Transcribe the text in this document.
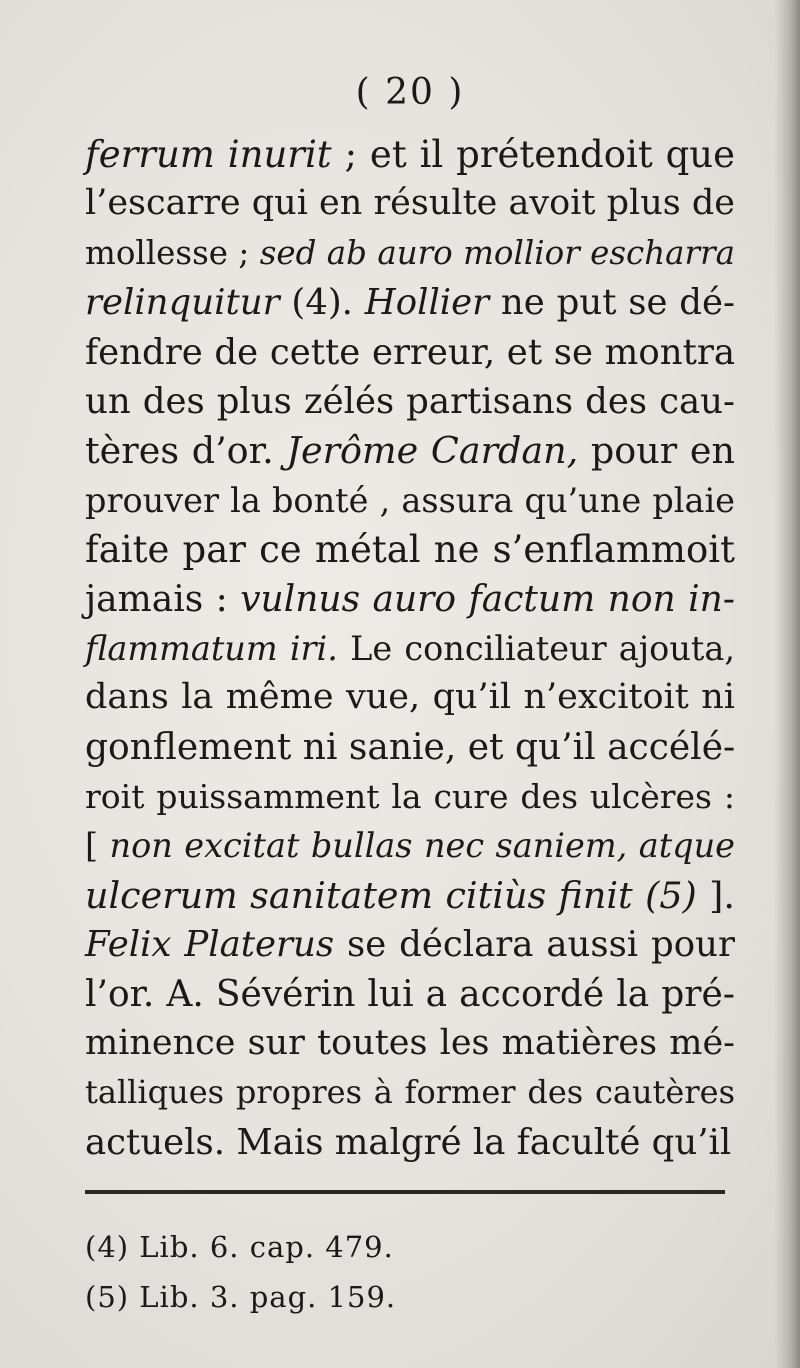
( 20 )
ferrum inurit ; et il prétendoit que
l’escarre qui en résulte avoit plus de
mollesse ; sed ab auro mollior escharra
relinquitur (4). Hollier ne put se dé-
fendre de cette erreur, et se montra
un des plus zélés partisans des cau-
tères d’or. Jerôme Cardan, pour en
prouver la bonté , assura qu’une plaie
faite par ce métal ne s’enflammoit
jamais : vulnus auro factum non in-
flammatum iri. Le conciliateur ajouta,
dans la même vue, qu’il n’excitoit ni
gonflement ni sanie, et qu’il accélé-
roit puissamment la cure des ulcères :
[ non excitat bullas nec saniem, atque
ulcerum sanitatem citiùs finit (5) ].
Felix Platerus se déclara aussi pour
l’or. A. Sévérin lui a accordé la pré-
minence sur toutes les matières mé-
talliques propres à former des cautères
actuels. Mais malgré la faculté qu’il
(4) Lib. 6. cap. 479.
(5) Lib. 3. pag. 159.
